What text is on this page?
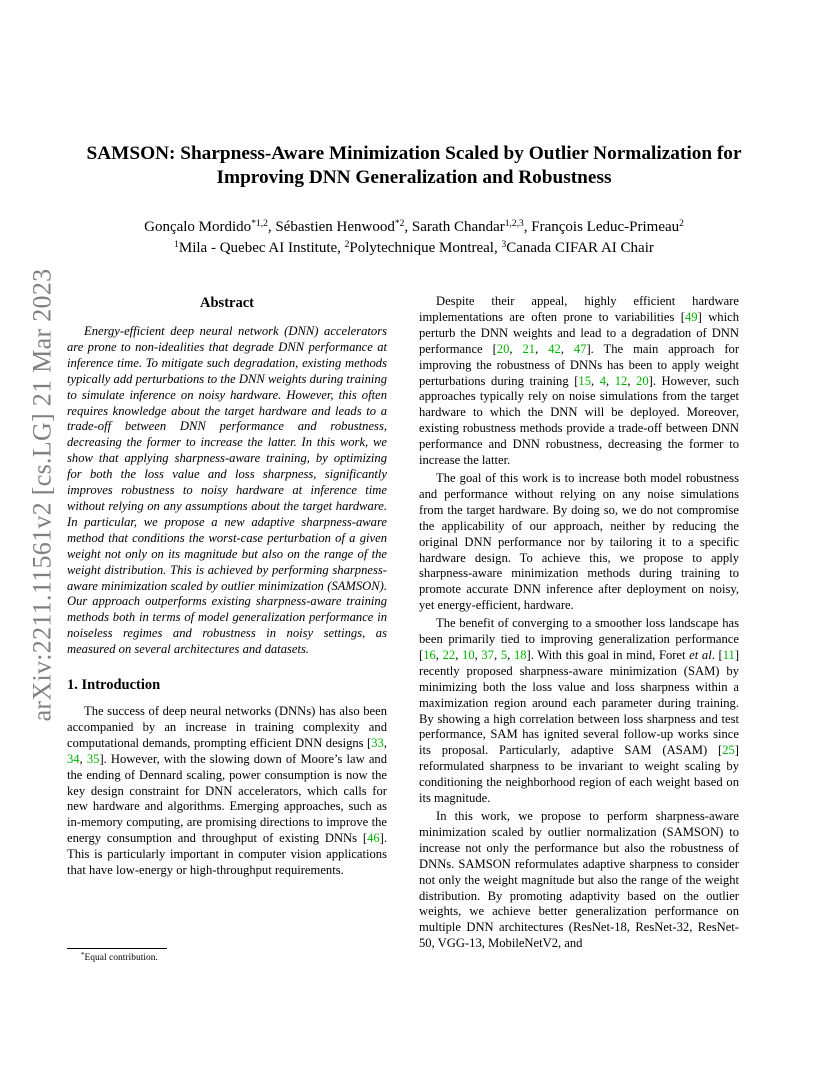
arXiv:2211.11561v2 [cs.LG] 21 Mar 2023
SAMSON: Sharpness-Aware Minimization Scaled by Outlier Normalization for
Improving DNN Generalization and Robustness
Gonçalo Mordido$^{*1,2}$, Sébastien Henwood$^{*2}$, Sarath Chandar$^{1,2,3}$, François Leduc-Primeau$^2$
$^1$Mila - Quebec AI Institute, $^2$Polytechnique Montreal, $^3$Canada CIFAR AI Chair
Abstract

Energy-efficient deep neural network (DNN) accelerators are prone to non-idealities that degrade DNN performance at inference time. To mitigate such degradation, existing methods typically add perturbations to the DNN weights during training to simulate inference on noisy hardware. However, this often requires knowledge about the target hardware and leads to a trade-off between DNN performance and robustness, decreasing the former to increase the latter. In this work, we show that applying sharpness-aware training, by optimizing for both the loss value and loss sharpness, significantly improves robustness to noisy hardware at inference time without relying on any assumptions about the target hardware. In particular, we propose a new adaptive sharpness-aware method that conditions the worst-case perturbation of a given weight not only on its magnitude but also on the range of the weight distribution. This is achieved by performing sharpness-aware minimization scaled by outlier minimization (SAMSON). Our approach outperforms existing sharpness-aware training methods both in terms of model generalization performance in noiseless regimes and robustness in noisy settings, as measured on several architectures and datasets.

1. Introduction

The success of deep neural networks (DNNs) has also been accompanied by an increase in training complexity and computational demands, prompting efficient DNN designs [33, 34, 35]. However, with the slowing down of Moore’s law and the ending of Dennard scaling, power consumption is now the key design constraint for DNN accelerators, which calls for new hardware and algorithms. Emerging approaches, such as in-memory computing, are promising directions to improve the energy consumption and throughput of existing DNNs [46]. This is particularly important in computer vision applications that have low-energy or high-throughput requirements.

Despite their appeal, highly efficient hardware implementations are often prone to variabilities [49] which perturb the DNN weights and lead to a degradation of DNN performance [20, 21, 42, 47]. The main approach for improving the robustness of DNNs has been to apply weight perturbations during training [15, 4, 12, 20]. However, such approaches typically rely on noise simulations from the target hardware to which the DNN will be deployed. Moreover, existing robustness methods provide a trade-off between DNN performance and DNN robustness, decreasing the former to increase the latter.

The goal of this work is to increase both model robustness and performance without relying on any noise simulations from the target hardware. By doing so, we do not compromise the applicability of our approach, neither by reducing the original DNN performance nor by tailoring it to a specific hardware design. To achieve this, we propose to apply sharpness-aware minimization methods during training to promote accurate DNN inference after deployment on noisy, yet energy-efficient, hardware.

The benefit of converging to a smoother loss landscape has been primarily tied to improving generalization performance [16, 22, 10, 37, 5, 18]. With this goal in mind, Foret et al. [11] recently proposed sharpness-aware minimization (SAM) by minimizing both the loss value and loss sharpness within a maximization region around each parameter during training. By showing a high correlation between loss sharpness and test performance, SAM has ignited several follow-up works since its proposal. Particularly, adaptive SAM (ASAM) [25] reformulated sharpness to be invariant to weight scaling by conditioning the neighborhood region of each weight based on its magnitude.

In this work, we propose to perform sharpness-aware minimization scaled by outlier normalization (SAMSON) to increase not only the performance but also the robustness of DNNs. SAMSON reformulates adaptive sharpness to consider not only the weight magnitude but also the range of the weight distribution. By promoting adaptivity based on the outlier weights, we achieve better generalization performance on multiple DNN architectures (ResNet-18, ResNet-32, ResNet-50, VGG-13, MobileNetV2, and

*Equal contribution.
